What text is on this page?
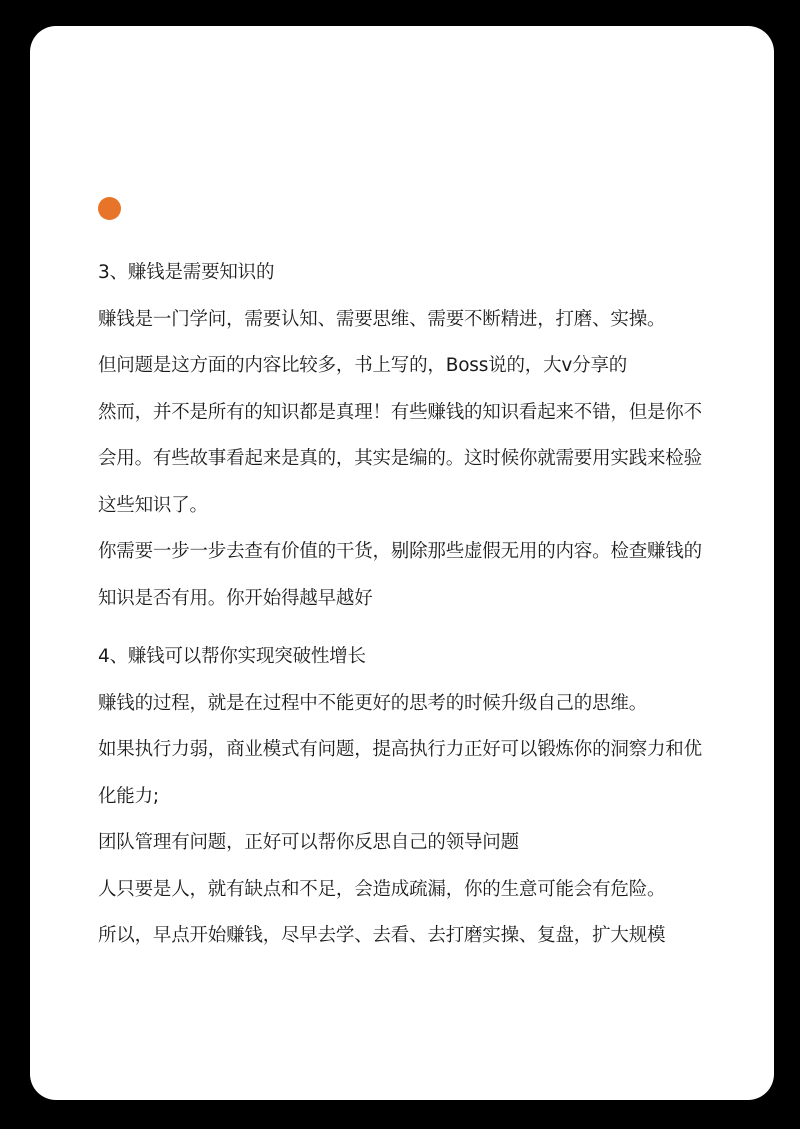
3、赚钱是需要知识的
赚钱是一门学问，需要认知、需要思维、需要不断精进，打磨、实操。
但问题是这方面的内容比较多，书上写的，Boss说的，大v分享的
然而，并不是所有的知识都是真理！有些赚钱的知识看起来不错，但是你不
会用。有些故事看起来是真的，其实是编的。这时候你就需要用实践来检验
这些知识了。
你需要一步一步去查有价值的干货，剔除那些虚假无用的内容。检查赚钱的
知识是否有用。你开始得越早越好
4、赚钱可以帮你实现突破性增长
赚钱的过程，就是在过程中不能更好的思考的时候升级自己的思维。
如果执行力弱，商业模式有问题，提高执行力正好可以锻炼你的洞察力和优
化能力;
团队管理有问题，正好可以帮你反思自己的领导问题
人只要是人，就有缺点和不足，会造成疏漏，你的生意可能会有危险。
所以，早点开始赚钱，尽早去学、去看、去打磨实操、复盘，扩大规模
